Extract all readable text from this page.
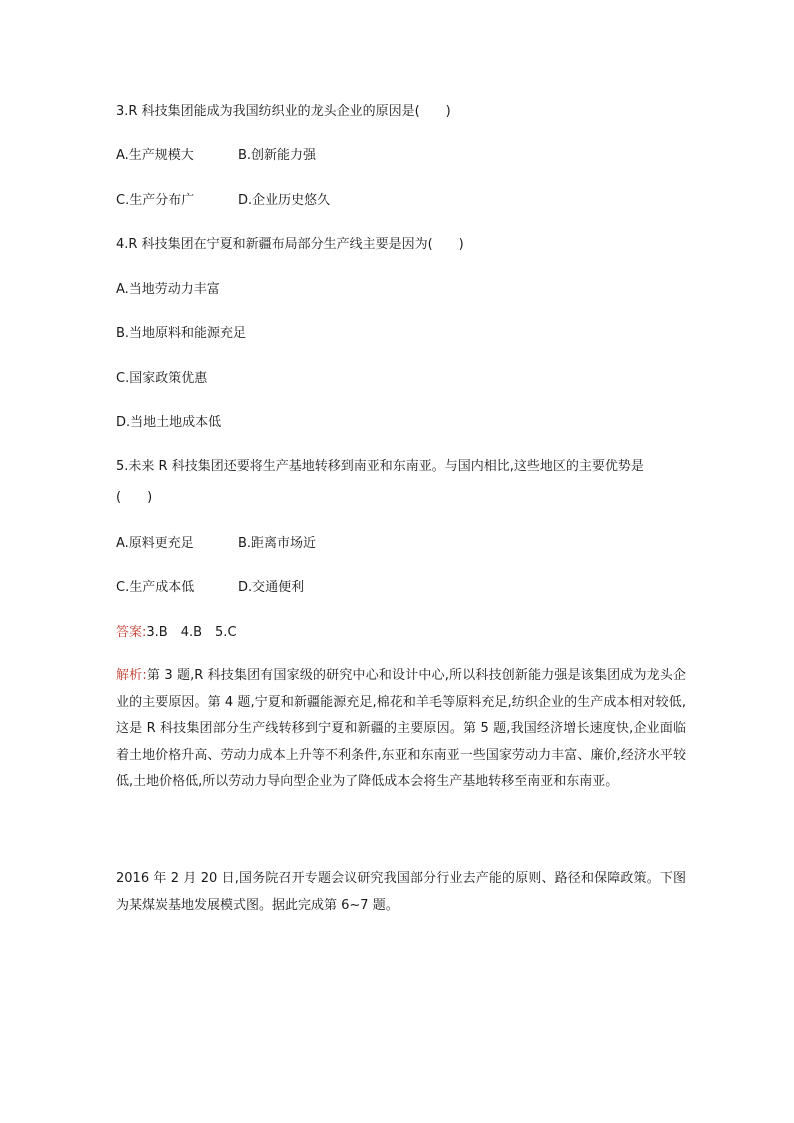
3.R 科技集团能成为我国纺织业的龙头企业的原因是(　　)
A.生产规模大	B.创新能力强
C.生产分布广	D.企业历史悠久
4.R 科技集团在宁夏和新疆布局部分生产线主要是因为(　　)
A.当地劳动力丰富
B.当地原料和能源充足
C.国家政策优惠
D.当地土地成本低
5.未来 R 科技集团还要将生产基地转移到南亚和东南亚。与国内相比,这些地区的主要优势是
(　　)
A.原料更充足	B.距离市场近
C.生产成本低	D.交通便利
答案:3.B　4.B　5.C
解析:第 3 题,R 科技集团有国家级的研究中心和设计中心,所以科技创新能力强是该集团成为龙头企业的主要原因。第 4 题,宁夏和新疆能源充足,棉花和羊毛等原料充足,纺织企业的生产成本相对较低,这是 R 科技集团部分生产线转移到宁夏和新疆的主要原因。第 5 题,我国经济增长速度快,企业面临着土地价格升高、劳动力成本上升等不利条件,东亚和东南亚一些国家劳动力丰富、廉价,经济水平较低,土地价格低,所以劳动力导向型企业为了降低成本会将生产基地转移至南亚和东南亚。
2016 年 2 月 20 日,国务院召开专题会议研究我国部分行业去产能的原则、路径和保障政策。下图为某煤炭基地发展模式图。据此完成第 6~7 题。
